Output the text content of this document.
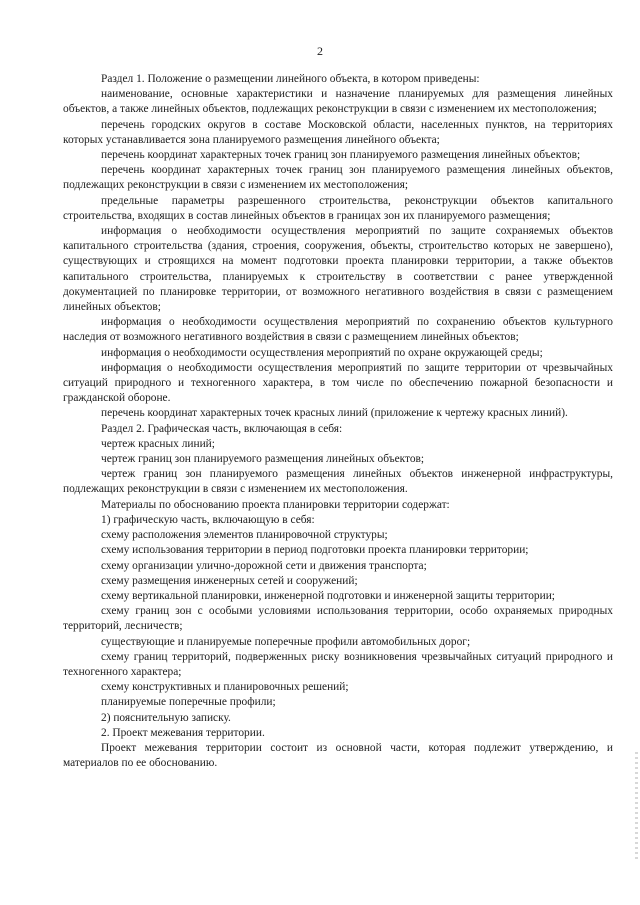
2

Раздел 1. Положение о размещении линейного объекта, в котором приведены:

наименование, основные характеристики и назначение планируемых для размещения линейных объектов, а также линейных объектов, подлежащих реконструкции в связи с изменением их местоположения;

перечень городских округов в составе Московской области, населенных пунктов, на территориях которых устанавливается зона планируемого размещения линейного объекта;

перечень координат характерных точек границ зон планируемого размещения линейных объектов;

перечень координат характерных точек границ зон планируемого размещения линейных объектов, подлежащих реконструкции в связи с изменением их местоположения;

предельные параметры разрешенного строительства, реконструкции объектов капитального строительства, входящих в состав линейных объектов в границах зон их планируемого размещения;

информация о необходимости осуществления мероприятий по защите сохраняемых объектов капитального строительства (здания, строения, сооружения, объекты, строительство которых не завершено), существующих и строящихся на момент подготовки проекта планировки территории, а также объектов капитального строительства, планируемых к строительству в соответствии с ранее утвержденной документацией по планировке территории, от возможного негативного воздействия в связи с размещением линейных объектов;

информация о необходимости осуществления мероприятий по сохранению объектов культурного наследия от возможного негативного воздействия в связи с размещением линейных объектов;

информация о необходимости осуществления мероприятий по охране окружающей среды;

информация о необходимости осуществления мероприятий по защите территории от чрезвычайных ситуаций природного и техногенного характера, в том числе по обеспечению пожарной безопасности и гражданской обороне.

перечень координат характерных точек красных линий (приложение к чертежу красных линий).

Раздел 2. Графическая часть, включающая в себя:

чертеж красных линий;

чертеж границ зон планируемого размещения линейных объектов;

чертеж границ зон планируемого размещения линейных объектов инженерной инфраструктуры, подлежащих реконструкции в связи с изменением их местоположения.

Материалы по обоснованию проекта планировки территории содержат:

1) графическую часть, включающую в себя:

схему расположения элементов планировочной структуры;

схему использования территории в период подготовки проекта планировки территории;

схему организации улично-дорожной сети и движения транспорта;

схему размещения инженерных сетей и сооружений;

схему вертикальной планировки, инженерной подготовки и инженерной защиты территории;

схему границ зон с особыми условиями использования территории, особо охраняемых природных территорий, лесничеств;

существующие и планируемые поперечные профили автомобильных дорог;

схему границ территорий, подверженных риску возникновения чрезвычайных ситуаций природного и техногенного характера;

схему конструктивных и планировочных решений;

планируемые поперечные профили;

2) пояснительную записку.

2. Проект межевания территории.

Проект межевания территории состоит из основной части, которая подлежит утверждению, и материалов по ее обоснованию.
